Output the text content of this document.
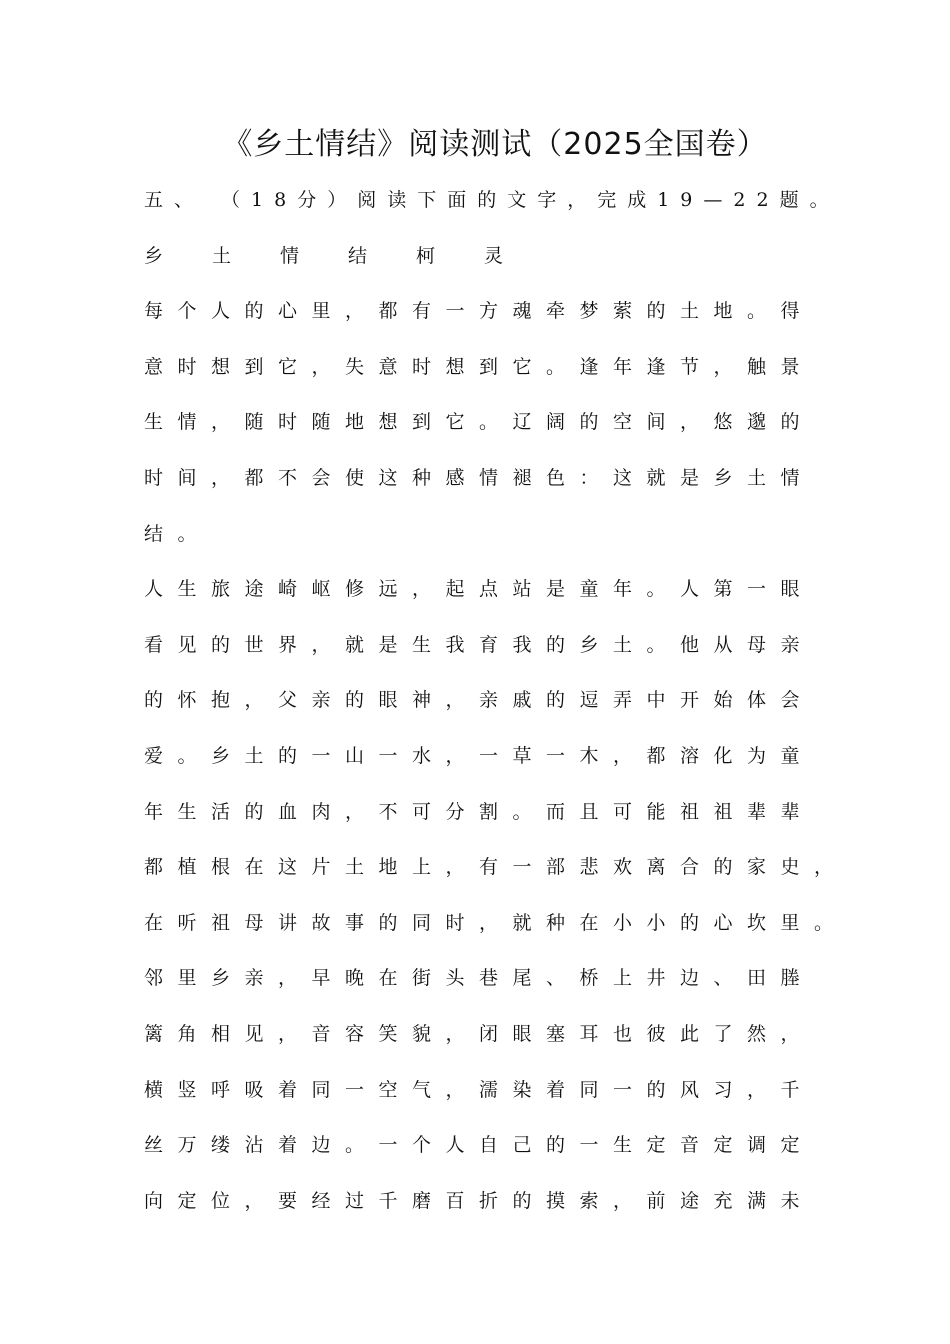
《乡土情结》阅读测试（2025全国卷）
五、 （18分）阅读下面的文字，完成19—22题。
乡土情结柯灵
每个人的心里，都有一方魂牵梦萦的土地。得
意时想到它，失意时想到它。逢年逢节，触景
生情，随时随地想到它。辽阔的空间，悠邈的
时间，都不会使这种感情褪色：这就是乡土情
结。
人生旅途崎岖修远，起点站是童年。人第一眼
看见的世界，就是生我育我的乡土。他从母亲
的怀抱，父亲的眼神，亲戚的逗弄中开始体会
爱。乡土的一山一水，一草一木，都溶化为童
年生活的血肉，不可分割。而且可能祖祖辈辈
都植根在这片土地上，有一部悲欢离合的家史，
在听祖母讲故事的同时，就种在小小的心坎里。
邻里乡亲，早晚在街头巷尾、桥上井边、田塍
篱角相见，音容笑貌，闭眼塞耳也彼此了然，
横竖呼吸着同一空气，濡染着同一的风习，千
丝万缕沾着边。一个人自己的一生定音定调定
向定位，要经过千磨百折的摸索，前途充满未
